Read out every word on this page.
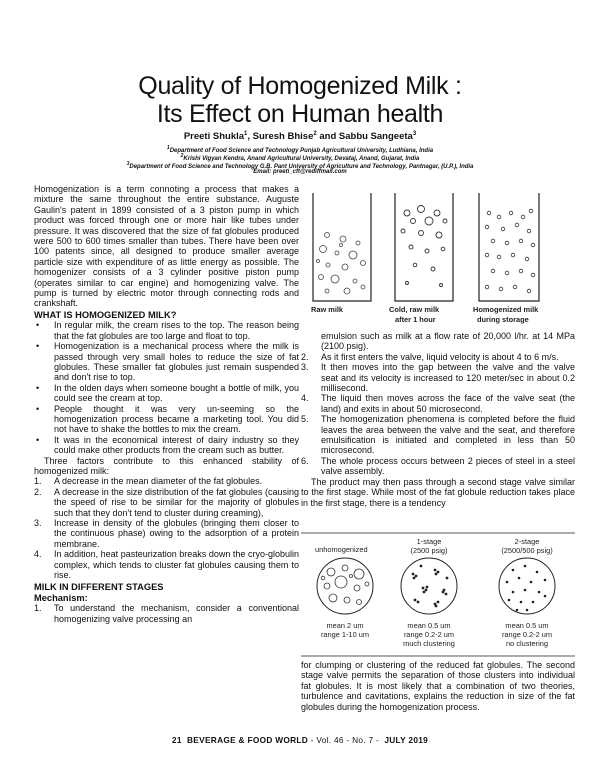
Quality of Homogenized Milk :
Its Effect on Human health
Preeti Shukla$^1$, Suresh Bhise$^2$ and Sabbu Sangeeta$^3$
$^1$Department of Food Science and Technology Punjab Agricultural University, Ludhiana, India
$^2$Krishi Vigyan Kendra, Anand Agricultural University, Devataj, Anand, Gujarat, India
$^3$Department of Food Science and Technology G.B. Pant University of Agriculture and Technology, Pantnagar, (U.P.), India
Email: preeti_cft@rediffmail.com

Homogenization is a term connoting a process that makes a mixture the same throughout the entire substance. Auguste Gaulin's patent in 1899 consisted of a 3 piston pump in which product was forced through one or more hair like tubes under pressure. It was discovered that the size of fat globules produced were 500 to 600 times smaller than tubes. There have been over 100 patents since, all designed to produce smaller average particle size with expenditure of as little energy as possible. The homogenizer consists of a 3 cylinder positive piston pump (operates similar to car engine) and homogenizing valve. The pump is turned by electric motor through connecting rods and crankshaft.

WHAT IS HOMOGENIZED MILK?
• In regular milk, the cream rises to the top. The reason being that the fat globules are too large and float to top.
• Homogenization is a mechanical process where the milk is passed through very small holes to reduce the size of fat globules. These smaller fat globules just remain suspended and don't rise to top.
• In the olden days when someone bought a bottle of milk, you could see the cream at top.
• People thought it was very un-seeming so the homogenization process became a marketing tool. You did not have to shake the bottles to mix the cream.
• It was in the economical interest of dairy industry so they could make other products from the cream such as butter.

Three factors contribute to this enhanced stability of homogenized milk:

1. A decrease in the mean diameter of the fat globules.
2. A decrease in the size distribution of the fat globules (causing the speed of rise to be similar for the majority of globules such that they don't tend to cluster during creaming),
3. Increase in density of the globules (bringing them closer to the continuous phase) owing to the adsorption of a protein membrane.
4. In addition, heat pasteurization breaks down the cryo-globulin complex, which tends to cluster fat globules causing them to rise.
MILK IN DIFFERENT STAGES
Mechanism:
1. To understand the mechanism, consider a conventional homogenizing valve processing an
Raw milk	Cold, raw milk
after 1 hour
Homogenized milk
during storage

emulsion such as milk at a flow rate of 20,000 l/hr. at 14 MPa (2100 psig).

2. As it first enters the valve, liquid velocity is about 4 to 6 m/s.
3. It then moves into the gap between the valve and the valve seat and its velocity is increased to 120 meter/sec in about 0.2 millisecond.
4. The liquid then moves across the face of the valve seat (the land) and exits in about 50 microsecond.
5. The homogenization phenomena is completed before the fluid leaves the area between the valve and the seat, and therefore emulsification is initiated and completed in less than 50 microsecond.
6. The whole process occurs between 2 pieces of steel in a steel valve assembly.

The product may then pass through a second stage valve similar to the first stage. While most of the fat globule reduction takes place in the first stage, there is a tendency

unhomogenized
1-stage
(2500 psig)
2-stage
(2500/500 psig)
mean 2 um
range 1-10 um
mean 0.5 um
range 0.2-2 um
much clustering
mean 0.5 um
range 0.2-2 um
no clustering

for clumping or clustering of the reduced fat globules. The second stage valve permits the separation of those clusters into individual fat globules. It is most likely that a combination of two theories, turbulence and cavitations, explains the reduction in size of the fat globules during the homogenization process.

21 BEVERAGE & FOOD WORLD - Vol. 46 - No. 7 - JULY 2019
